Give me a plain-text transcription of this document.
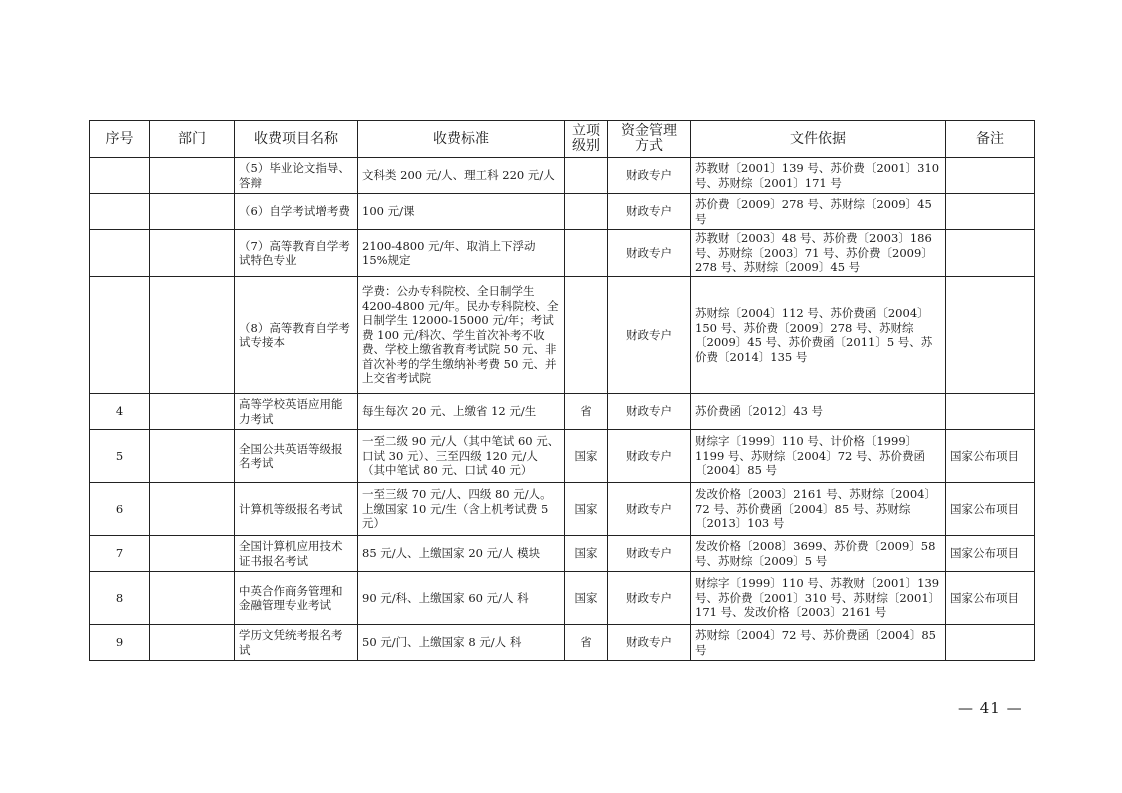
序号	部门	收费项目名称	收费标准	立项级别	资金管理方式	文件依据	备注
		（5）毕业论文指导、答辩	文科类 200 元/人、理工科 220 元/人		财政专户	苏教财〔2001〕139 号、苏价费〔2001〕310 号、苏财综〔2001〕171 号	
		（6）自学考试增考费	100 元/课		财政专户	苏价费〔2009〕278 号、苏财综〔2009〕45 号	
		（7）高等教育自学考试特色专业	2100-4800 元/年、取消上下浮动 15%规定		财政专户	苏教财〔2003〕48 号、苏价费〔2003〕186 号、苏财综〔2003〕71 号、苏价费〔2009〕278 号、苏财综〔2009〕45 号	
		（8）高等教育自学考试专接本	学费：公办专科院校、全日制学生 4200-4800 元/年。民办专科院校、全日制学生 12000-15000 元/年；考试费 100 元/科次、学生首次补考不收费、学校上缴省教育考试院 50 元、非首次补考的学生缴纳补考费 50 元、并上交省考试院		财政专户	苏财综〔2004〕112 号、苏价费函〔2004〕150 号、苏价费〔2009〕278 号、苏财综〔2009〕45 号、苏价费函〔2011〕5 号、苏价费〔2014〕135 号	
4		高等学校英语应用能力考试	每生每次 20 元、上缴省 12 元/生	省	财政专户	苏价费函〔2012〕43 号	
5		全国公共英语等级报名考试	一至二级 90 元/人（其中笔试 60 元、口试 30 元）、三至四级 120 元/人（其中笔试 80 元、口试 40 元）	国家	财政专户	财综字〔1999〕110 号、计价格〔1999〕1199 号、苏财综〔2004〕72 号、苏价费函〔2004〕85 号	国家公布项目
6		计算机等级报名考试	一至三级 70 元/人、四级 80 元/人。上缴国家 10 元/生（含上机考试费 5 元）	国家	财政专户	发改价格〔2003〕2161 号、苏财综〔2004〕72 号、苏价费函〔2004〕85 号、苏财综〔2013〕103 号	国家公布项目
7		全国计算机应用技术证书报名考试	85 元/人、上缴国家 20 元/人 模块	国家	财政专户	发改价格〔2008〕3699、苏价费〔2009〕58 号、苏财综〔2009〕5 号	国家公布项目
8		中英合作商务管理和金融管理专业考试	90 元/科、上缴国家 60 元/人 科	国家	财政专户	财综字〔1999〕110 号、苏教财〔2001〕139 号、苏价费〔2001〕310 号、苏财综〔2001〕171 号、发改价格〔2003〕2161 号	国家公布项目
9		学历文凭统考报名考试	50 元/门、上缴国家 8 元/人 科	省	财政专户	苏财综〔2004〕72 号、苏价费函〔2004〕85 号	
— 41 —
